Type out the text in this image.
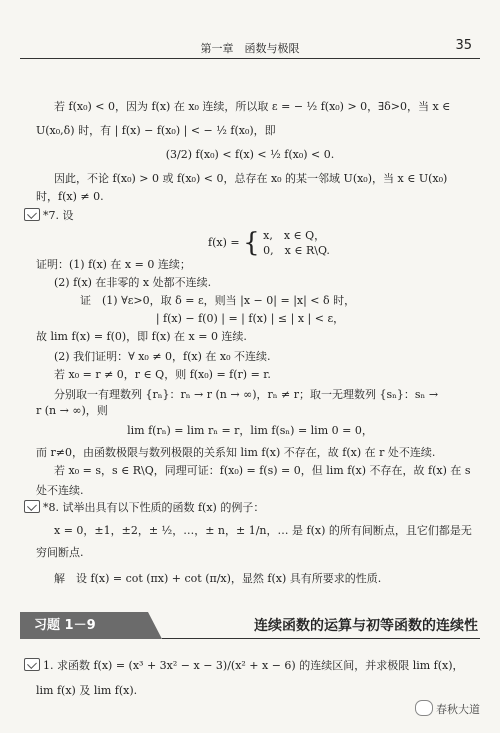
第一章　函数与极限	35
若 f(x₀) < 0，因为 f(x) 在 x₀ 连续，所以取 ε = − ½ f(x₀) > 0，∃δ>0，当 x ∈
U(x₀,δ) 时，有 | f(x) − f(x₀) | < − ½ f(x₀)，即
(3/2) f(x₀) < f(x) < ½ f(x₀) < 0.
因此，不论 f(x₀) > 0 或 f(x₀) < 0，总存在 x₀ 的某一邻域 U(x₀)，当 x ∈ U(x₀)
时，f(x) ≠ 0.
*7. 设
f(x) = { x,　x ∈ Q，
0,　x ∈ R\Q.
证明：(1) f(x) 在 x = 0 连续；
(2) f(x) 在非零的 x 处都不连续.
证　(1) ∀ε>0，取 δ = ε，则当 |x − 0| = |x| < δ 时，
| f(x) − f(0) | = | f(x) | ≤ | x | < ε，
故 lim f(x) = f(0)，即 f(x) 在 x = 0 连续.
(2) 我们证明：∀ x₀ ≠ 0，f(x) 在 x₀ 不连续.
若 x₀ = r ≠ 0，r ∈ Q，则 f(x₀) = f(r) = r.
分别取一有理数列 {rₙ}：rₙ → r (n → ∞)，rₙ ≠ r；取一无理数列 {sₙ}：sₙ →
r (n → ∞)，则
lim f(rₙ) = lim rₙ = r，lim f(sₙ) = lim 0 = 0，
而 r≠0，由函数极限与数列极限的关系知 lim f(x) 不存在，故 f(x) 在 r 处不连续.
若 x₀ = s，s ∈ R\Q，同理可证：f(x₀) = f(s) = 0，但 lim f(x) 不存在，故 f(x) 在 s
处不连续.
*8. 试举出具有以下性质的函数 f(x) 的例子：
x = 0，±1，±2，± ½，…，± n，± 1/n，… 是 f(x) 的所有间断点，且它们都是无
穷间断点.
解　设 f(x) = cot (πx) + cot (π/x)，显然 f(x) 具有所要求的性质.
习题 1－9	连续函数的运算与初等函数的连续性
1. 求函数 f(x) = (x³ + 3x² − x − 3)/(x² + x − 6) 的连续区间，并求极限 lim f(x)，
lim f(x) 及 lim f(x).
春秋大道
